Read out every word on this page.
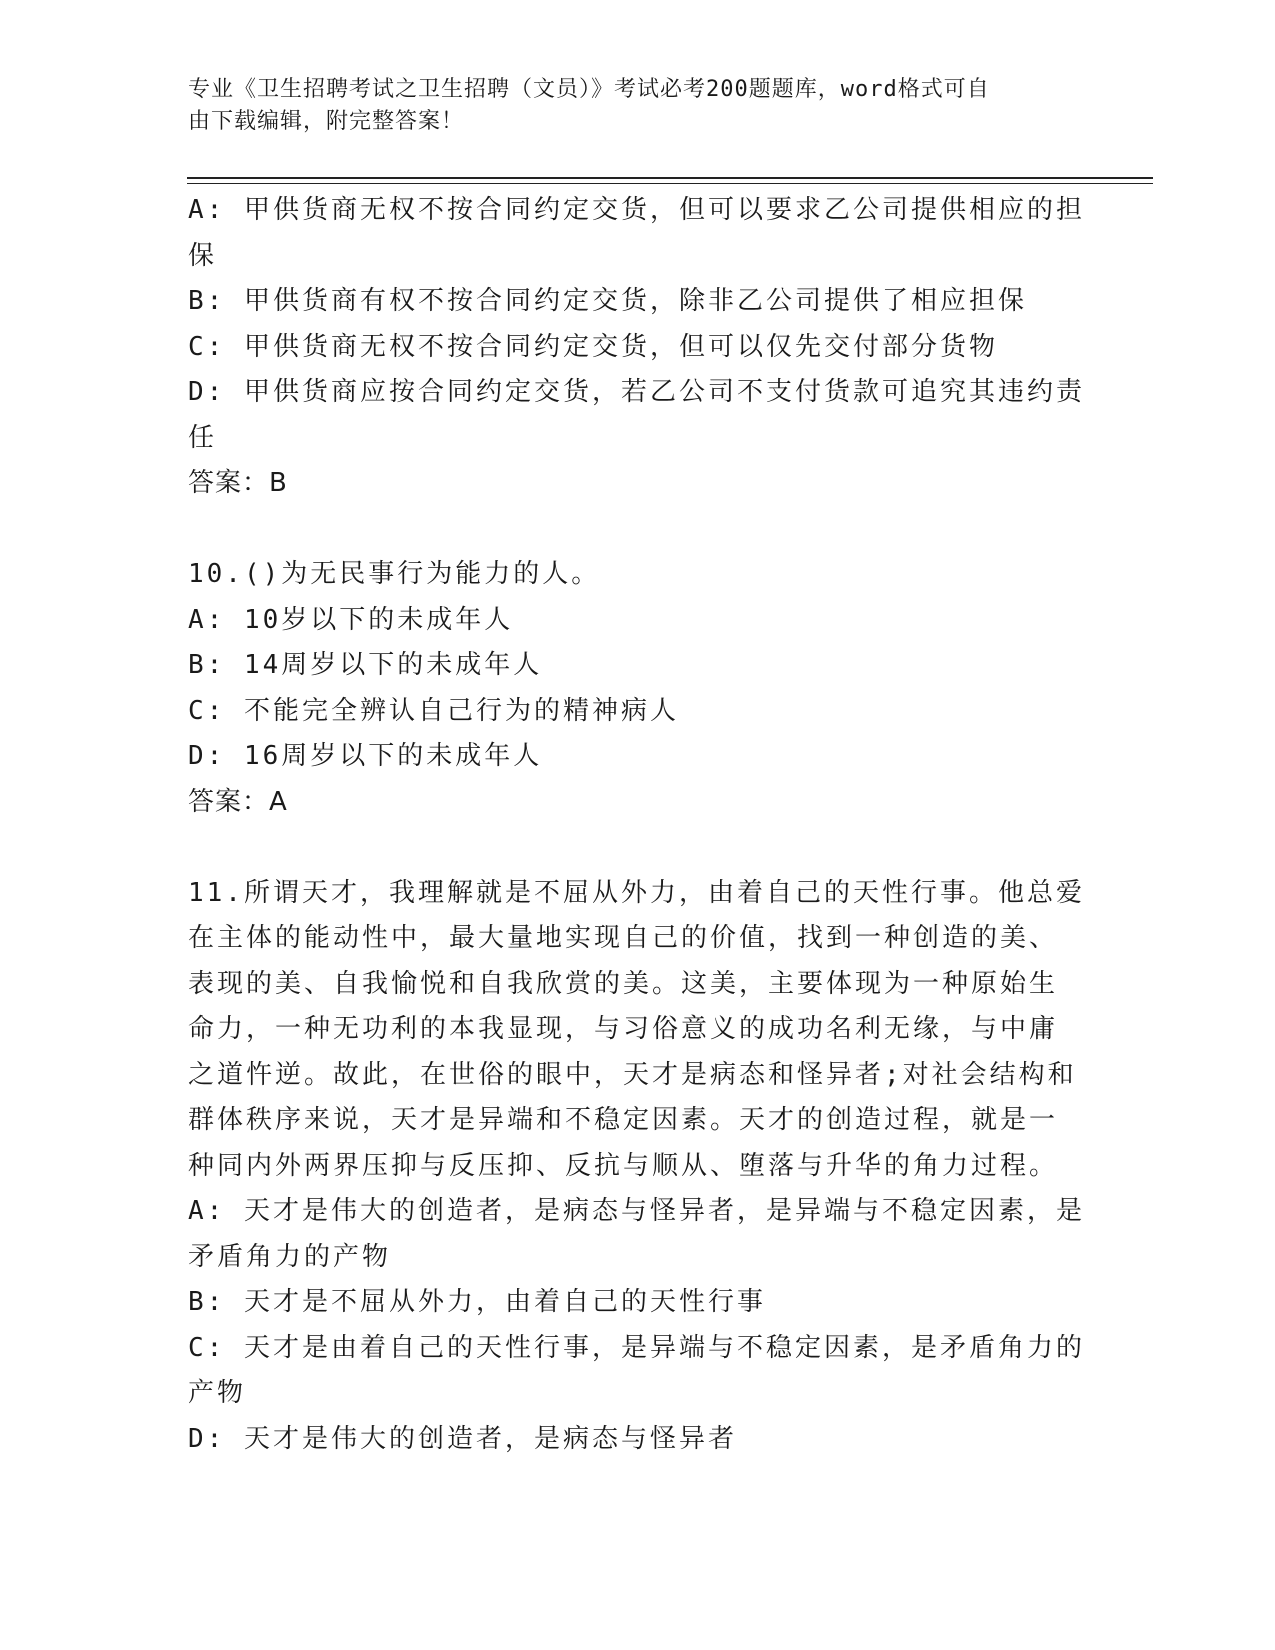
专业《卫生招聘考试之卫生招聘（文员）》考试必考200题题库，word格式可自
由下载编辑，附完整答案！
A: 甲供货商无权不按合同约定交货，但可以要求乙公司提供相应的担
保
B: 甲供货商有权不按合同约定交货，除非乙公司提供了相应担保
C: 甲供货商无权不按合同约定交货，但可以仅先交付部分货物
D: 甲供货商应按合同约定交货，若乙公司不支付货款可追究其违约责
任
答案：B
10.()为无民事行为能力的人。
A: 10岁以下的未成年人
B: 14周岁以下的未成年人
C: 不能完全辨认自己行为的精神病人
D: 16周岁以下的未成年人
答案：A
11.所谓天才，我理解就是不屈从外力，由着自己的天性行事。他总爱
在主体的能动性中，最大量地实现自己的价值，找到一种创造的美、
表现的美、自我愉悦和自我欣赏的美。这美，主要体现为一种原始生
命力，一种无功利的本我显现，与习俗意义的成功名利无缘，与中庸
之道忤逆。故此，在世俗的眼中，天才是病态和怪异者;对社会结构和
群体秩序来说，天才是异端和不稳定因素。天才的创造过程，就是一
种同内外两界压抑与反压抑、反抗与顺从、堕落与升华的角力过程。
A: 天才是伟大的创造者，是病态与怪异者，是异端与不稳定因素，是
矛盾角力的产物
B: 天才是不屈从外力，由着自己的天性行事
C: 天才是由着自己的天性行事，是异端与不稳定因素，是矛盾角力的
产物
D: 天才是伟大的创造者，是病态与怪异者
